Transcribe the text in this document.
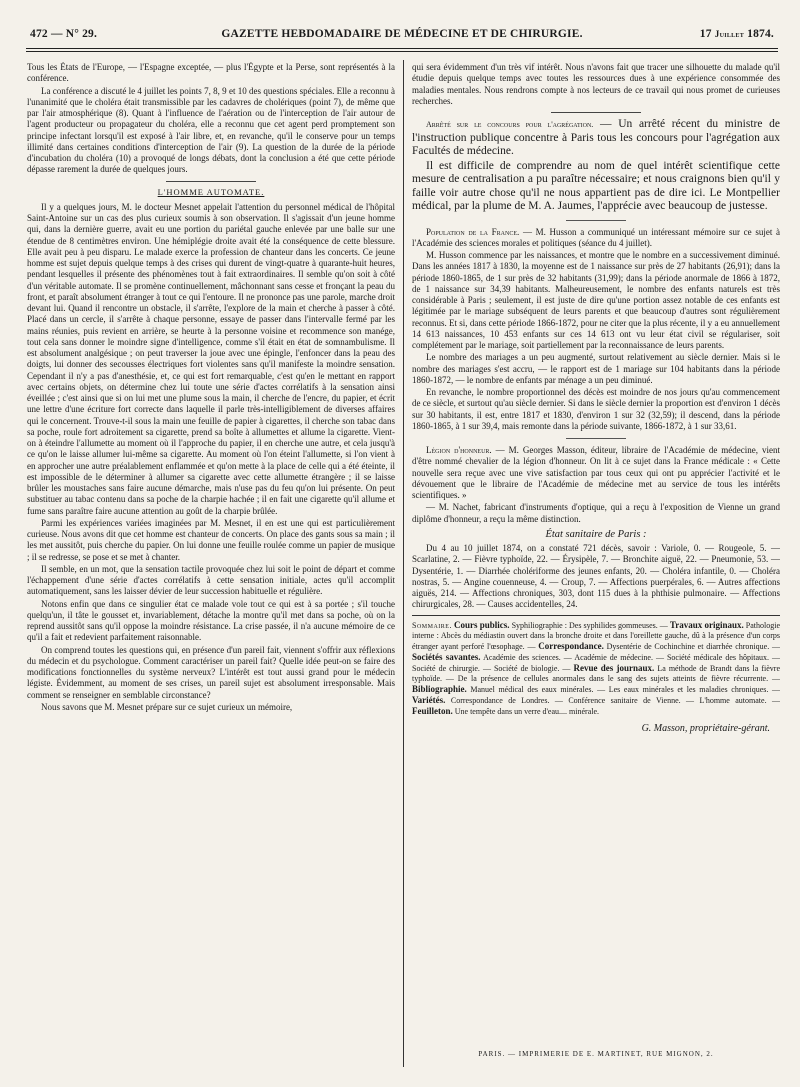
472 — N° 29.	GAZETTE HEBDOMADAIRE DE MÉDECINE ET DE CHIRURGIE.	17 Juillet 1874.

Tous les États de l'Europe, — l'Espagne exceptée, — plus l'Égypte et la Perse, sont représentés à la conférence.

La conférence a discuté le 4 juillet les points 7, 8, 9 et 10 des questions spéciales. Elle a reconnu à l'unanimité que le choléra était transmissible par les cadavres de cholériques (point 7), de même que par l'air atmosphérique (8). Quant à l'influence de l'aération ou de l'interception de l'air autour de l'agent producteur ou propagateur du choléra, elle a reconnu que cet agent perd promptement son principe infectant lorsqu'il est exposé à l'air libre, et, en revanche, qu'il le conserve pour un temps illimité dans certaines conditions d'interception de l'air (9). La question de la durée de la période d'incubation du choléra (10) a provoqué de longs débats, dont la conclusion a été que cette période dépasse rarement la durée de quelques jours.

L'HOMME AUTOMATE.

Il y a quelques jours, M. le docteur Mesnet appelait l'attention du personnel médical de l'hôpital Saint-Antoine sur un cas des plus curieux soumis à son observation. Il s'agissait d'un jeune homme qui, dans la dernière guerre, avait eu une portion du pariétal gauche enlevée par une balle sur une étendue de 8 centimètres environ. Une hémiplégie droite avait été la conséquence de cette blessure. Elle avait peu à peu disparu. Le malade exerce la profession de chanteur dans les concerts. Ce jeune homme est sujet depuis quelque temps à des crises qui durent de vingt-quatre à quarante-huit heures, pendant lesquelles il présente des phénomènes tout à fait extraordinaires. Il semble qu'on soit à côté d'un véritable automate. Il se promène continuellement, mâchonnant sans cesse et fronçant la peau du front, et paraît absolument étranger à tout ce qui l'entoure. Il ne prononce pas une parole, marche droit devant lui. Quand il rencontre un obstacle, il s'arrête, l'explore de la main et cherche à passer à côté. Placé dans un cercle, il s'arrête à chaque personne, essaye de passer dans l'intervalle fermé par les mains réunies, puis revient en arrière, se heurte à la personne voisine et recommence son manége, tout cela sans donner le moindre signe d'intelligence, comme s'il était en état de somnambulisme. Il est absolument analgésique ; on peut traverser la joue avec une épingle, l'enfoncer dans la peau des doigts, lui donner des secousses électriques fort violentes sans qu'il manifeste la moindre sensation. Cependant il n'y a pas d'anesthésie, et, ce qui est fort remarquable, c'est qu'en le mettant en rapport avec certains objets, on détermine chez lui toute une série d'actes corrélatifs à la sensation ainsi éveillée ; c'est ainsi que si on lui met une plume sous la main, il cherche de l'encre, du papier, et écrit une lettre d'une écriture fort correcte dans laquelle il parle très-intelligiblement de diverses affaires qui le concernent. Trouve-t-il sous la main une feuille de papier à cigarettes, il cherche son tabac dans sa poche, roule fort adroitement sa cigarette, prend sa boîte à allumettes et allume la cigarette. Vient-on à éteindre l'allumette au moment où il l'approche du papier, il en cherche une autre, et cela jusqu'à ce qu'on le laisse allumer lui-même sa cigarette. Au moment où l'on éteint l'allumette, si l'on vient à en approcher une autre préalablement enflammée et qu'on mette à la place de celle qui a été éteinte, il est impossible de le déterminer à allumer sa cigarette avec cette allumette étrangère ; il se laisse brûler les moustaches sans faire aucune démarche, mais n'use pas du feu qu'on lui présente. On peut substituer au tabac contenu dans sa poche de la charpie hachée ; il en fait une cigarette qu'il allume et fume sans paraître faire aucune attention au goût de la charpie brûlée.

Parmi les expériences variées imaginées par M. Mesnet, il en est une qui est particulièrement curieuse. Nous avons dit que cet homme est chanteur de concerts. On place des gants sous sa main ; il les met aussitôt, puis cherche du papier. On lui donne une feuille roulée comme un papier de musique ; il se redresse, se pose et se met à chanter.

Il semble, en un mot, que la sensation tactile provoquée chez lui soit le point de départ et comme l'échappement d'une série d'actes corrélatifs à cette sensation initiale, actes qu'il accomplit automatiquement, sans les laisser dévier de leur succession habituelle et régulière.

Notons enfin que dans ce singulier état ce malade vole tout ce qui est à sa portée ; s'il touche quelqu'un, il tâte le gousset et, invariablement, détache la montre qu'il met dans sa poche, où on la reprend aussitôt sans qu'il oppose la moindre résistance. La crise passée, il n'a aucune mémoire de ce qu'il a fait et redevient parfaitement raisonnable.

On comprend toutes les questions qui, en présence d'un pareil fait, viennent s'offrir aux réflexions du médecin et du psychologue. Comment caractériser un pareil fait? Quelle idée peut-on se faire des modifications fonctionnelles du système nerveux? L'intérêt est tout aussi grand pour le médecin légiste. Évidemment, au moment de ses crises, un pareil sujet est absolument irresponsable. Mais comment se renseigner en semblable circonstance?

Nous savons que M. Mesnet prépare sur ce sujet curieux un mémoire,

qui sera évidemment d'un très vif intérêt. Nous n'avons fait que tracer une silhouette du malade qu'il étudie depuis quelque temps avec toutes les ressources dues à une expérience consommée des maladies mentales. Nous rendrons compte à nos lecteurs de ce travail qui nous promet de curieuses recherches.

Arrêté sur le concours pour l'agrégation. — Un arrêté récent du ministre de l'instruction publique concentre à Paris tous les concours pour l'agrégation aux Facultés de médecine.

Il est difficile de comprendre au nom de quel intérêt scientifique cette mesure de centralisation a pu paraître nécessaire; et nous craignons bien qu'il y faille voir autre chose qu'il ne nous appartient pas de dire ici. Le Montpellier médical, par la plume de M. A. Jaumes, l'apprécie avec beaucoup de justesse.

Population de la France. — M. Husson a communiqué un intéressant mémoire sur ce sujet à l'Académie des sciences morales et politiques (séance du 4 juillet).

M. Husson commence par les naissances, et montre que le nombre en a successivement diminué. Dans les années 1817 à 1830, la moyenne est de 1 naissance sur près de 27 habitants (26,91); dans la période 1860-1865, de 1 sur près de 32 habitants (31,99); dans la période anormale de 1866 à 1872, de 1 naissance sur 34,39 habitants. Malheureusement, le nombre des enfants naturels est très considérable à Paris ; seulement, il est juste de dire qu'une portion assez notable de ces enfants est légitimée par le mariage subséquent de leurs parents et que beaucoup d'autres sont régulièrement reconnus. Et si, dans cette période 1866-1872, pour ne citer que la plus récente, il y a eu annuellement 14 613 naissances, 10 453 enfants sur ces 14 613 ont vu leur état civil se régulariser, soit complétement par le mariage, soit partiellement par la reconnaissance de leurs parents.

Le nombre des mariages a un peu augmenté, surtout relativement au siècle dernier. Mais si le nombre des mariages s'est accru, — le rapport est de 1 mariage sur 104 habitants dans la période 1860-1872, — le nombre de enfants par ménage a un peu diminué.

En revanche, le nombre proportionnel des décès est moindre de nos jours qu'au commencement de ce siècle, et surtout qu'au siècle dernier. Si dans le siècle dernier la proportion est d'environ 1 décès sur 30 habitants, il est, entre 1817 et 1830, d'environ 1 sur 32 (32,59); il descend, dans la période 1860-1865, à 1 sur 39,4, mais remonte dans la période suivante, 1866-1872, à 1 sur 33,61.

Légion d'honneur. — M. Georges Masson, éditeur, libraire de l'Académie de médecine, vient d'être nommé chevalier de la légion d'honneur. On lit à ce sujet dans la France médicale : « Cette nouvelle sera reçue avec une vive satisfaction par tous ceux qui ont pu apprécier l'activité et le dévouement que le libraire de l'Académie de médecine met au service de tous les intérêts scientifiques. »

— M. Nachet, fabricant d'instruments d'optique, qui a reçu à l'exposition de Vienne un grand diplôme d'honneur, a reçu la même distinction.

État sanitaire de Paris :

Du 4 au 10 juillet 1874, on a constaté 721 décès, savoir : Variole, 0. — Rougeole, 5. — Scarlatine, 2. — Fièvre typhoïde, 22. — Érysipèle, 7. — Bronchite aiguë, 22. — Pneumonie, 53. — Dysentérie, 1. — Diarrhée cholériforme des jeunes enfants, 20. — Choléra infantile, 0. — Choléra nostras, 5. — Angine couenneuse, 4. — Croup, 7. — Affections puerpérales, 6. — Autres affections aiguës, 214. — Affections chroniques, 303, dont 115 dues à la phthisie pulmonaire. — Affections chirurgicales, 28. — Causes accidentelles, 24.

Sommaire. Cours publics. Syphiliographie : Des syphilides gommeuses. — Travaux originaux. Pathologie interne : Abcès du médiastin ouvert dans la bronche droite et dans l'oreillette gauche, dû à la présence d'un corps étranger ayant perforé l'œsophage. — Correspondance. Dysentérie de Cochinchine et diarrhée chronique. — Sociétés savantes. Académie des sciences. — Académie de médecine. — Société médicale des hôpitaux. — Société de chirurgie. — Société de biologie. — Revue des journaux. La méthode de Brandt dans la fièvre typhoïde. — De la présence de cellules anormales dans le sang des sujets atteints de fièvre récurrente. — Bibliographie. Manuel médical des eaux minérales. — Les eaux minérales et les maladies chroniques. — Variétés. Correspondance de Londres. — Conférence sanitaire de Vienne. — L'homme automate. — Feuilleton. Une tempête dans un verre d'eau.... minérale.
G. Masson, propriétaire-gérant.
PARIS. — IMPRIMERIE DE E. MARTINET, RUE MIGNON, 2.
